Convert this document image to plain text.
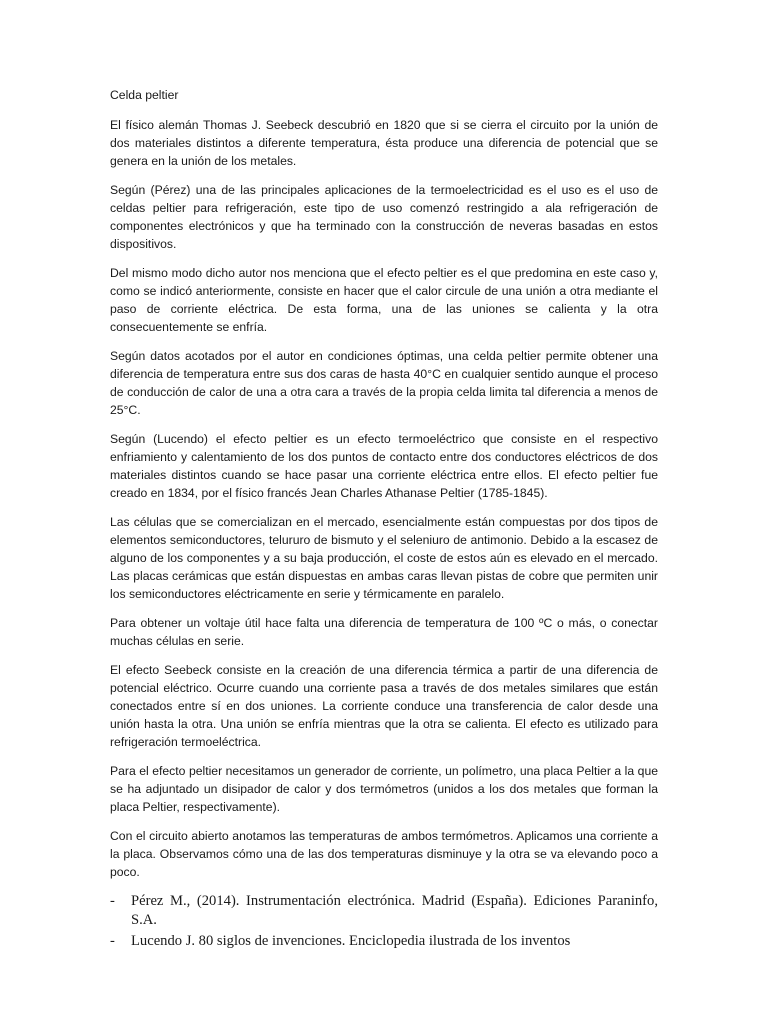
Celda peltier

El físico alemán Thomas J. Seebeck descubrió en 1820 que si se cierra el circuito por la unión de dos materiales distintos a diferente temperatura, ésta produce una diferencia de potencial que se genera en la unión de los metales.

Según (Pérez) una de las principales aplicaciones de la termoelectricidad es el uso es el uso de celdas peltier para refrigeración, este tipo de uso comenzó restringido a ala refrigeración de componentes electrónicos y que ha terminado con la construcción de neveras basadas en estos dispositivos.

Del mismo modo dicho autor nos menciona que el efecto peltier es el que predomina en este caso y, como se indicó anteriormente, consiste en hacer que el calor circule de una unión a otra mediante el paso de corriente eléctrica. De esta forma, una de las uniones se calienta y la otra consecuentemente se enfría.

Según datos acotados por el autor en condiciones óptimas, una celda peltier permite obtener una diferencia de temperatura entre sus dos caras de hasta 40°C en cualquier sentido aunque el proceso de conducción de calor de una a otra cara a través de la propia celda limita tal diferencia a menos de 25°C.

Según (Lucendo) el efecto peltier es un efecto termoeléctrico que consiste en el respectivo enfriamiento y calentamiento de los dos puntos de contacto entre dos conductores eléctricos de dos materiales distintos cuando se hace pasar una corriente eléctrica entre ellos. El efecto peltier fue creado en 1834, por el físico francés Jean Charles Athanase Peltier (1785-1845).

Las células que se comercializan en el mercado, esencialmente están compuestas por dos tipos de elementos semiconductores, telururo de bismuto y el seleniuro de antimonio. Debido a la escasez de alguno de los componentes y a su baja producción, el coste de estos aún es elevado en el mercado. Las placas cerámicas que están dispuestas en ambas caras llevan pistas de cobre que permiten unir los semiconductores eléctricamente en serie y térmicamente en paralelo.

Para obtener un voltaje útil hace falta una diferencia de temperatura de 100 ºC o más, o conectar muchas células en serie.

El efecto Seebeck consiste en la creación de una diferencia térmica a partir de una diferencia de potencial eléctrico. Ocurre cuando una corriente pasa a través de dos metales similares que están conectados entre sí en dos uniones. La corriente conduce una transferencia de calor desde una unión hasta la otra. Una unión se enfría mientras que la otra se calienta. El efecto es utilizado para refrigeración termoeléctrica.

Para el efecto peltier necesitamos un generador de corriente, un polímetro, una placa Peltier a la que se ha adjuntado un disipador de calor y dos termómetros (unidos a los dos metales que forman la placa Peltier, respectivamente).

Con el circuito abierto anotamos las temperaturas de ambos termómetros. Aplicamos una corriente a la placa. Observamos cómo una de las dos temperaturas disminuye y la otra se va elevando poco a poco.

- Pérez M., (2014). Instrumentación electrónica. Madrid (España). Ediciones Paraninfo, S.A.
- Lucendo J. 80 siglos de invenciones. Enciclopedia ilustrada de los inventos
